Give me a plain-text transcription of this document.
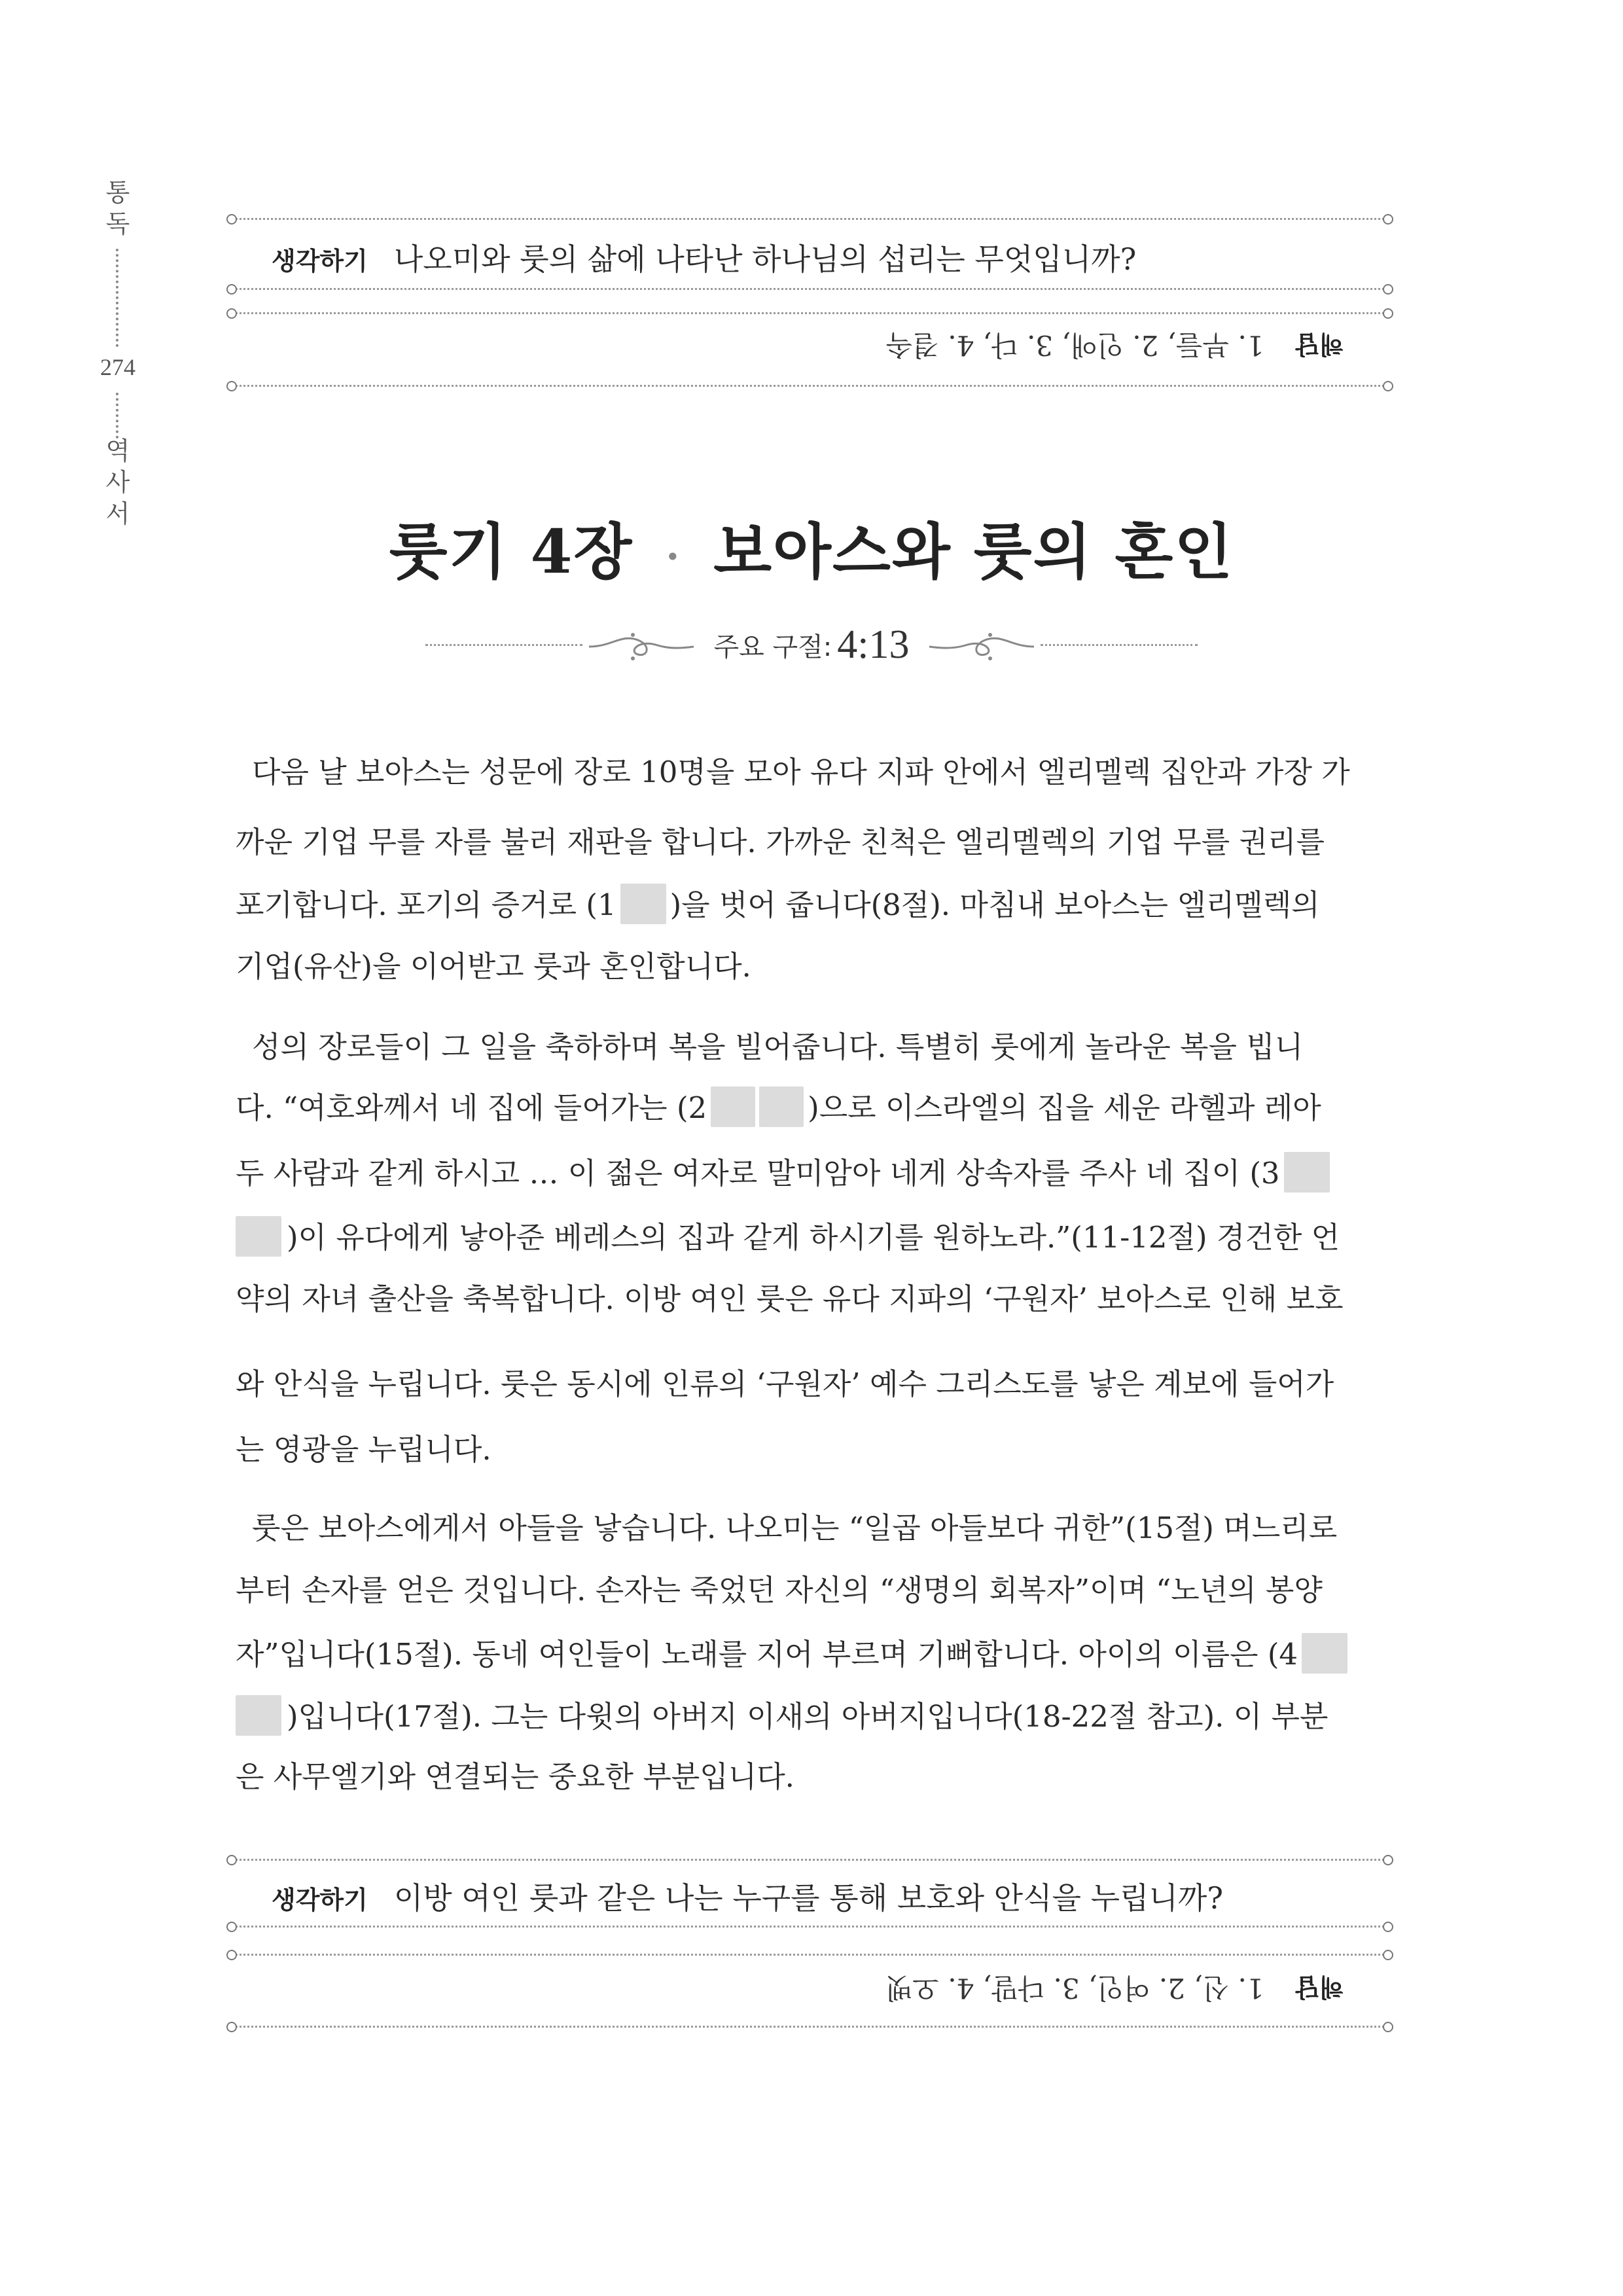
통
독
274
역
사
서
생각하기 나오미와 룻의 삶에 나타난 하나님의 섭리는 무엇입니까?
해답1. 부들, 2. 인애, 3. 다, 4. 결속
룻기 4장 · 보아스와 룻의 혼인
주요 구절: 4:13
다음 날 보아스는 성문에 장로 10명을 모아 유다 지파 안에서 엘리멜렉 집안과 가장 가
까운 기업 무를 자를 불러 재판을 합니다. 가까운 친척은 엘리멜렉의 기업 무를 권리를
포기합니다. 포기의 증거로 (1 )을 벗어 줍니다(8절). 마침내 보아스는 엘리멜렉의
기업(유산)을 이어받고 룻과 혼인합니다.
성의 장로들이 그 일을 축하하며 복을 빌어줍니다. 특별히 룻에게 놀라운 복을 빕니
다. “여호와께서 네 집에 들어가는 (2	)으로 이스라엘의 집을 세운 라헬과 레아
두 사람과 같게 하시고 … 이 젊은 여자로 말미암아 네게 상속자를 주사 네 집이 (3
)이 유다에게 낳아준 베레스의 집과 같게 하시기를 원하노라.”(11-12절) 경건한 언
약의 자녀 출산을 축복합니다. 이방 여인 룻은 유다 지파의 ‘구원자’ 보아스로 인해 보호
와 안식을 누립니다. 룻은 동시에 인류의 ‘구원자’ 예수 그리스도를 낳은 계보에 들어가
는 영광을 누립니다.
룻은 보아스에게서 아들을 낳습니다. 나오미는 “일곱 아들보다 귀한”(15절) 며느리로
부터 손자를 얻은 것입니다. 손자는 죽었던 자신의 “생명의 회복자”이며 “노년의 봉양
자”입니다(15절). 동네 여인들이 노래를 지어 부르며 기뻐합니다. 아이의 이름은 (4
)입니다(17절). 그는 다윗의 아버지 이새의 아버지입니다(18-22절 참고). 이 부분
은 사무엘기와 연결되는 중요한 부분입니다.
생각하기 이방 여인 룻과 같은 나는 누구를 통해 보호와 안식을 누립니까?
해답1. 신, 2. 여인, 3. 다말, 4. 오벳
